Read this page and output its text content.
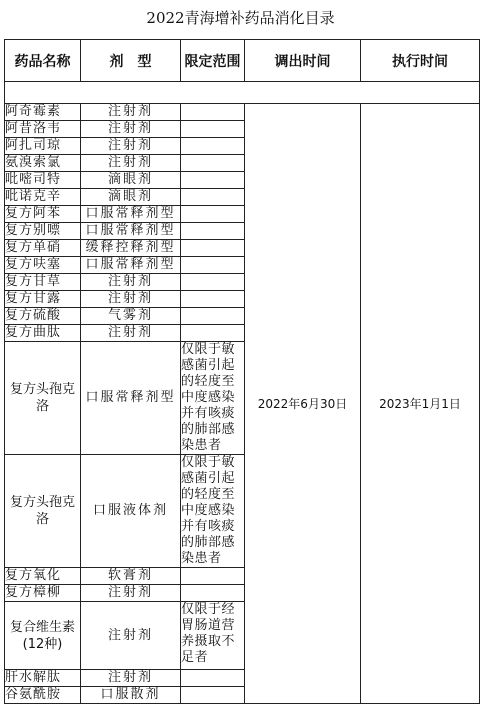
2022青海增补药品消化目录
药品名称	剂　型	限定范围	调出时间	执行时间

阿奇霉素	注射剂		2022年6月30日	2023年1月1日
阿昔洛韦	注射剂			
阿扎司琼	注射剂			
氨溴索氯	注射剂			
吡嘧司特	滴眼剂			
吡诺克辛	滴眼剂			
复方阿苯	口服常释剂型			
复方别嘌	口服常释剂型			
复方单硝	缓释控释剂型			
复方呋塞	口服常释剂型			
复方甘草	注射剂			
复方甘露	注射剂			
复方硫酸	气雾剂			
复方曲肽	注射剂			
复方头孢克洛	口服常释剂型	仅限于敏感菌引起的轻度至中度感染并有咳痰的肺部感染患者		
复方头孢克洛	口服液体剂	仅限于敏感菌引起的轻度至中度感染并有咳痰的肺部感染患者		
复方氧化	软膏剂			
复方樟柳	注射剂			
复合维生素(12种)	注射剂	仅限于经胃肠道营养摄取不足者		
肝水解肽	注射剂			
谷氨酰胺	口服散剂			
